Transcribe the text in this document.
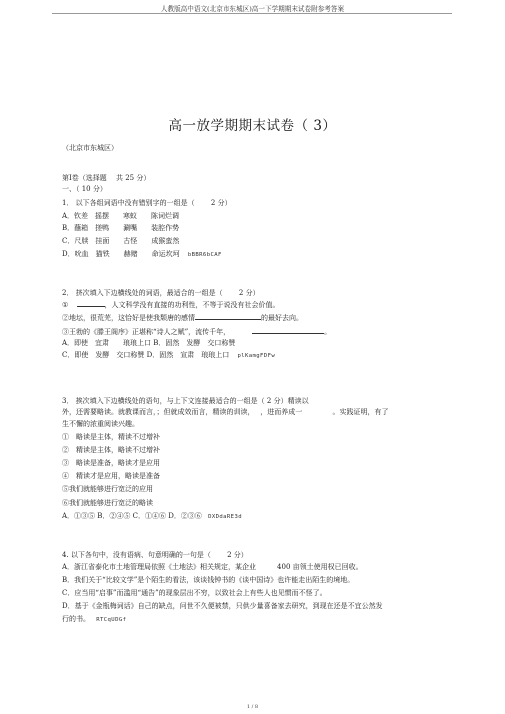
人教版高中语文(北京市东城区)高一下学期期末试卷附参考答案
高一放学期期末试卷（ 3）
（北京市东城区）
第Ⅰ卷（选择题　 共 25 分）
一、（ 10 分）
1． 以下各组词语中没有错别字的一组是（　　 2 分）
A．钦差　摇摆　　寒蚁　　陈词烂调
B．蘸箱　搓鸭　　涮嘴　　装腔作势
C．尺牍　挂面　　古怪　　成猴蛮然
D．吮血　猫铁　　赫赌　　命运坎坷 bBBR6bCAF
2． 挤次填入下边横线处的词语，最适合的一组是（　　 2 分）
①	，人文科学没有直接的功利性，不等于说没有社会价值。
②地坛，很荒芜，这恰好是使我颓唐的感情	的最好去向。
③王勃的《滕王阁序》正堪称“诗人之赋”，流传千年，	。
A．即使　宜肃　　琅琅上口 B．固然　发酵　交口称赞
C．即使　发酵　交口称赞 D．固然　宣肃　琅琅上口 plKamgFDFw
3． 挨次填入下边横线处的语句，与上下文连接最适合的一组是（ 2 分）精读以
外，还需要略读。就教课而言，；但就成效而言，精读的训读，　 ，进而养成一　　　　 。实践证明，有了
生不懈的浓重阅读兴趣。
①　略读是主体，精读不过增补
②　精读是主体，略读不过增补
③　略读是准备，略读才是应用
④　精读才是应用，略读是准备
⑤我们就能够进行宽泛的应用
⑥我们就能够进行宽泛的略读
A．①③⑤ B．②④⑤ C．①④⑥ D．②③⑥ DXDdaRE3d
4. 以下各句中，没有语病、句意明确的一句是（　　 2 分）
A．浙江省泰化市土地管理局依照《土地法》相关规定，某企业　　　400 亩领土使用权已回收。
B．我们关于“比较文学”是个陌生的看法，该谈钱钟书的《谈中国诗》也许能走出陌生的境地。
C．应当用“启事”而滥用“通告”的现象层出不穷，以致社会上有些人也见惯而不怪了。
D．基于《金瓶梅词话》自己的缺点，问世不久便被禁，只供少量喜备家去研究，到现在还是不宜公然发
行的书。 RTCqUDGf
1 / 8
